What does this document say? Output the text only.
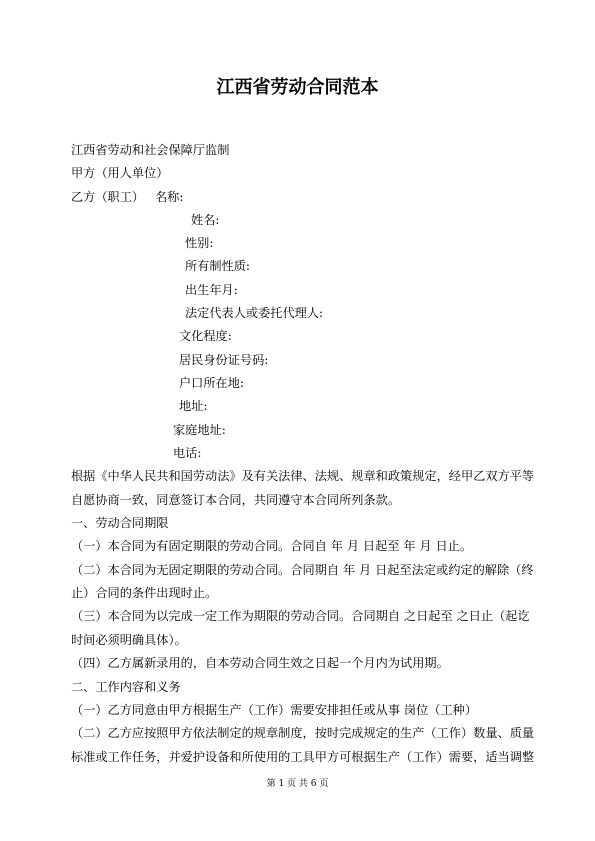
江西省劳动合同范本
江西省劳动和社会保障厅监制
甲方（用人单位）
乙方（职工） 名称:
姓名:
性别:
所有制性质:
出生年月:
法定代表人或委托代理人:
文化程度:
居民身份证号码:
户口所在地:
地址:
家庭地址:
电话:
根据《中华人民共和国劳动法》及有关法律、法规、规章和政策规定，经甲乙双方平等
自愿协商一致，同意签订本合同，共同遵守本合同所列条款。
一、劳动合同期限
（一）本合同为有固定期限的劳动合同。合同自 年 月 日起至 年 月 日止。
（二）本合同为无固定期限的劳动合同。合同期自 年 月 日起至法定或约定的解除（终
止）合同的条件出现时止。
（三）本合同为以完成一定工作为期限的劳动合同。合同期自 之日起至 之日止（起讫
时间必须明确具体）。
（四）乙方属新录用的，自本劳动合同生效之日起一个月内为试用期。
二、工作内容和义务
（一）乙方同意由甲方根据生产（工作）需要安排担任或从事 岗位（工种）
（二）乙方应按照甲方依法制定的规章制度，按时完成规定的生产（工作）数量、质量
标准或工作任务，并爱护设备和所使用的工具甲方可根据生产（工作）需要，适当调整
第 1 页 共 6 页
